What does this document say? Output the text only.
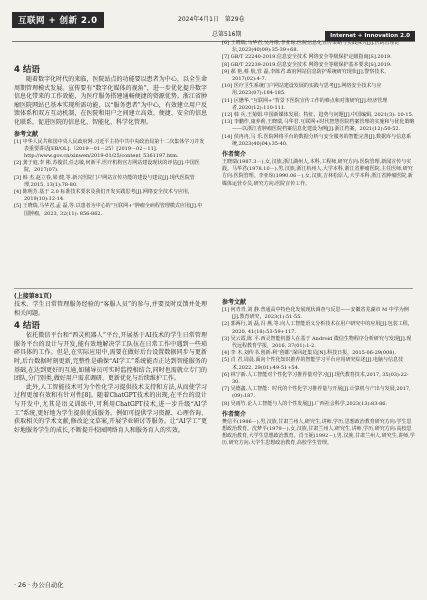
互联网 + 创新 2.0	2024年4月1日　第29卷
总第516期	Internet + Innovation 2.0
4 结语
随着数字化时代的来临，医院站点的功能要以患者为中心，以全生命周期管理模式发展。宣传要有“数字化媒体的视角”，进一步优化提升数字信息化带来的工作效能，为医疗服务搭建通畅便捷的资源优势。浙江省肿瘤医院网站已基本实现所需功能，以“服务患者”为中心，有效建立用户反馈体系和双方互动机制，在医院和用户之间建立高效、便捷、安全的信息化联系，促进医院的信息化、智能化、科学化管理。
参考文献
[1] 中华人民共和国中央人民政府网.习近平主持中共中央政治局第十二次集体学习并发表重要讲话[EB/OL].（2019－01－25）[2019－02－11]. http://www.gov.cn/xinwen/2019-01/25/content_5361197.htm.
[2] 龚于庭,李 彬,苏俊洪,任志敏,何新平.医疗机构官方网站建设现状的评估[J].中国医院，2017(07).
[3] 韩 杰,赵立春,梁 健,等.新兴医院门户网站宣传功能的建设与建议[J].现代医院管理,2015, 13(1):78-80.
[4] 陈明芳.基于 2.0 标准技术要求及我们开发实践思考[J].网络安全技术与应用，2019(10):12-14.
[5] 王晓瑞,马华君,孟 磊,等.以患者为中心的“互联网+”肿瘤全病程管理模式应用[J].中国肿瘤，2023, 32(11): 856-862.
[6] 王晓瑞,马华君,吴丹维,李亚琼.医院信息化宣传策略与实践探究[J].医院管理论坛,2023(40)09):35-39+68.
[7] GB/T 22240-2019.信息安全技术 网络安全等级保护定级指南[S].2019.
[8] GB/T 22239-2019.信息安全技术 网络安全等级保护基本要求[S].2019.
[9] 郝 艳,蔡 航,管 磊,李陈君.政府网站信息防护系统研究现状[J].警察技术，2017(02):4-7.
[10] 医疗卫生系统门户网站建设发展的实践与思考[J].网络安全技术与应用,2023(07):184-185.
[11] 区懋华.“互联网+”背景下医院宣传工作的难点和对策研究[J].经济管理者,2020(12):110-111.
[12] 韩 兵,王菊娟.中国新媒体发展：特征、趋势与问题[J].中国编辑, 2021(3): 10-15.
[13] 李鹏作,康养莉,王晓瑞,马华君.互联网+时代智慧医院档案管理的实施和与优化策略——以浙江省肿瘤医院档案信息化建设为例[J].浙江档案，2021(12):50-52.
[14] 侯冉冉,马 乐.医院网络平台的数据分析与安全服务的智能完善[J].数据库与信息系统,2023(40)04):35-40.
作者简介
王晓瑞(1987.3－),女,汉族,浙江湖州人,本科,工程师,研究方向:医院管理,新闻宣传与实践。马华君(1978.10－),男,汉族,浙江杭州人,大学本科,浙江省肿瘤医院,主任医师,研究方向:医院管理。李亚琼(1990.06－),女,汉族,吉林松原人,大学本科,浙江省肿瘤医院,新媒体运营专员,研究方向:医院宣传工作。
(上接第81页)
技术、学生日常管理服务经验的“客服人员”的参与,并要及时反馈并处理相关问题。
4 结语
依托微信平台和“西灵机器人”平台,开展基于AI技术的学生日常管理服务平台的设计与开发,能有效地解决学工队伍在日常工作中遇到一些琐碎具体的工作。但是,在实际应用中,需要在做好后台设置数据同步与更新时,后台数据时刻更新,完整性是确保“AI学工”系统能否正达到智能服务的基础,在达到更好的互通,如辅导员可实时监控相结合,同时也需就立专门的团队,分门别类,做好用户需求调研、更新优化与后续维护工作。
此外,人工智能技术可为个性化学习提供技术支持和方法,从而使学习过程更加有效和有针对性[8]。随着ChatGPT技术的出现,在平台的设计与开发中,尤其是语义训练中,可利用ChatGPT技术,进一步升级“AI学工”系统,更好地为学生提供优质服务。例如可提供学习资源、心理咨询、获取相关的学术文献,修改论文草案,开展学业研讨等服务。让“AI学工”更好地服务学生的成长,不断提升校园网络育人和服务育人的实效。
参考文献
[1] 何青青,刘 静.普通高中特色化发展现状调查与反思——安徽省芜湖市 M 中学为例[J].教育研究，2023(1):51-55.
[2] 郭两行,刘 磊,冯 燕,等.向人工智能语义分析技术在用户研究中的应用[J].包装工程，2020, 41(18):53-59+117.
[3] 吴云霞,陈 平.西灵智能机器人在基于 Android 微信生物程序分析研究与发现[J].现代远程教育学报，2016, 37(01):1-2.
[4] 李 木,刘传书.创新:利“创都”深回赶集员[N].科技日报，2015-06-29(008).
[5] 肖 君,周晨.面向个性化知识推荐的智能学习平台应用研究综述[J].电脑与信息技术,2022, 29(01):49-51+54.
[6] 林宁新.人工智能对个性化学习推荐量对学习[J].现代教育技术,2017, 35(03):22-30.
[7] 吴德鑫.人工智能：时代的个性化学习推荐量与开展[J].计算机与产出与发展,2017,(09):187.
[8] 吴雨竹.论人工智能与人的个性发展[J].广西社会科学,2023(13):83-86.
作者简介
樊信平(1986－),男,汉族,甘肃兰州人,研究生,讲师,学历,思想政治教育研究方向:学生思想政治教育。沈梦平(1979－),女,汉族,甘肃兰州人,研究生,讲师,学历,研究方向:高校思想政治教育,大学生思想政治教育。肖玉妮(1992－),男,汉族,甘肃兰州人,研究生,讲师,学历,研究方向:大学生思想政治教育,高校学生管理。
· 26 · 办公自动化
